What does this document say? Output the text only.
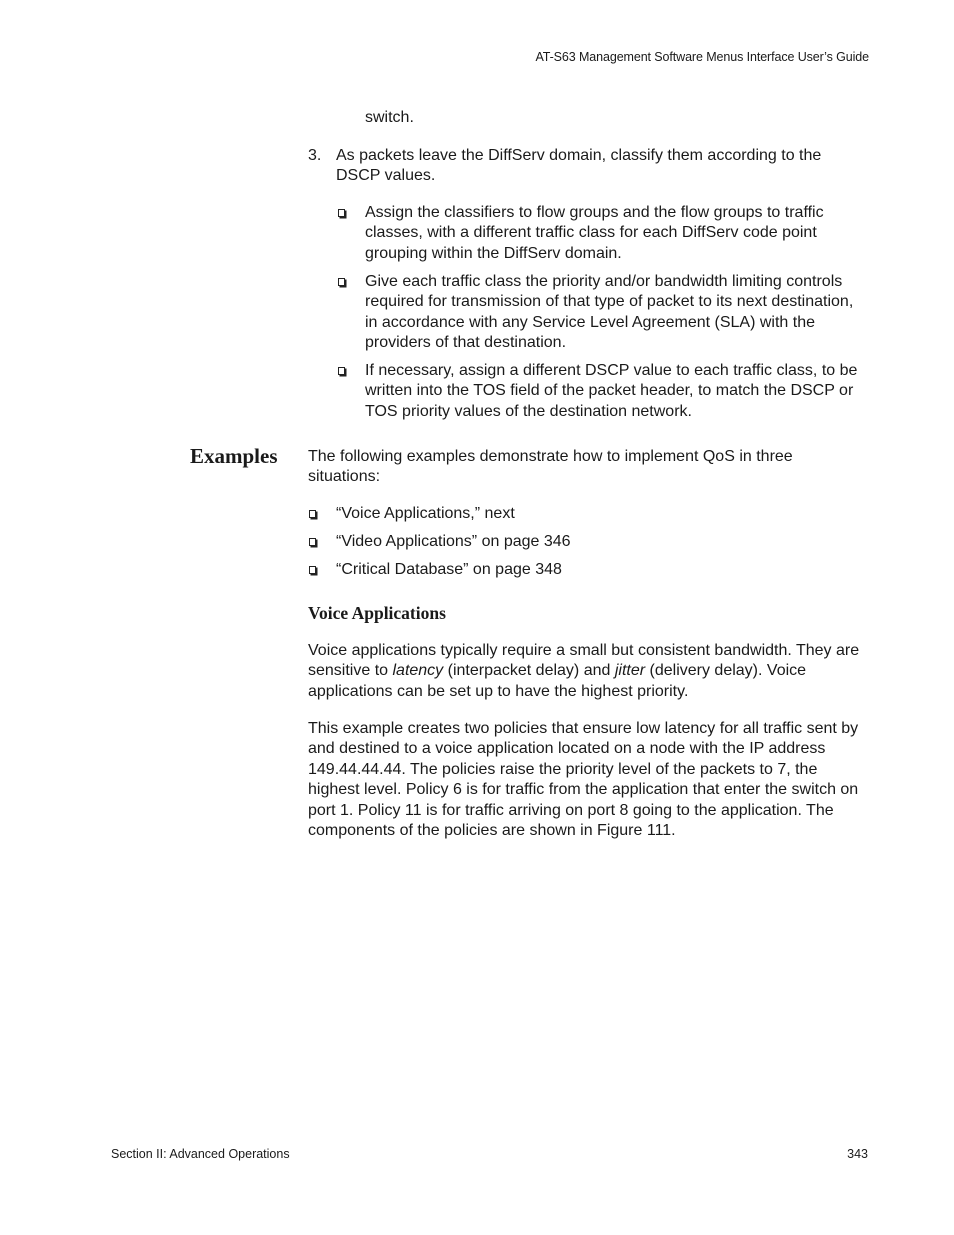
AT-S63 Management Software Menus Interface User’s Guide
switch.
3. As packets leave the DiffServ domain, classify them according to the DSCP values.
Assign the classifiers to flow groups and the flow groups to traffic classes, with a different traffic class for each DiffServ code point grouping within the DiffServ domain.
Give each traffic class the priority and/or bandwidth limiting controls required for transmission of that type of packet to its next destination, in accordance with any Service Level Agreement (SLA) with the providers of that destination.
If necessary, assign a different DSCP value to each traffic class, to be written into the TOS field of the packet header, to match the DSCP or TOS priority values of the destination network.
Examples The following examples demonstrate how to implement QoS in three situations:
“Voice Applications,” next
“Video Applications” on page 346
“Critical Database” on page 348
Voice Applications
Voice applications typically require a small but consistent bandwidth. They are sensitive to latency (interpacket delay) and jitter (delivery delay). Voice applications can be set up to have the highest priority.
This example creates two policies that ensure low latency for all traffic sent by and destined to a voice application located on a node with the IP address 149.44.44.44. The policies raise the priority level of the packets to 7, the highest level. Policy 6 is for traffic from the application that enter the switch on port 1. Policy 11 is for traffic arriving on port 8 going to the application. The components of the policies are shown in Figure 111.
Section II: Advanced Operations	343
